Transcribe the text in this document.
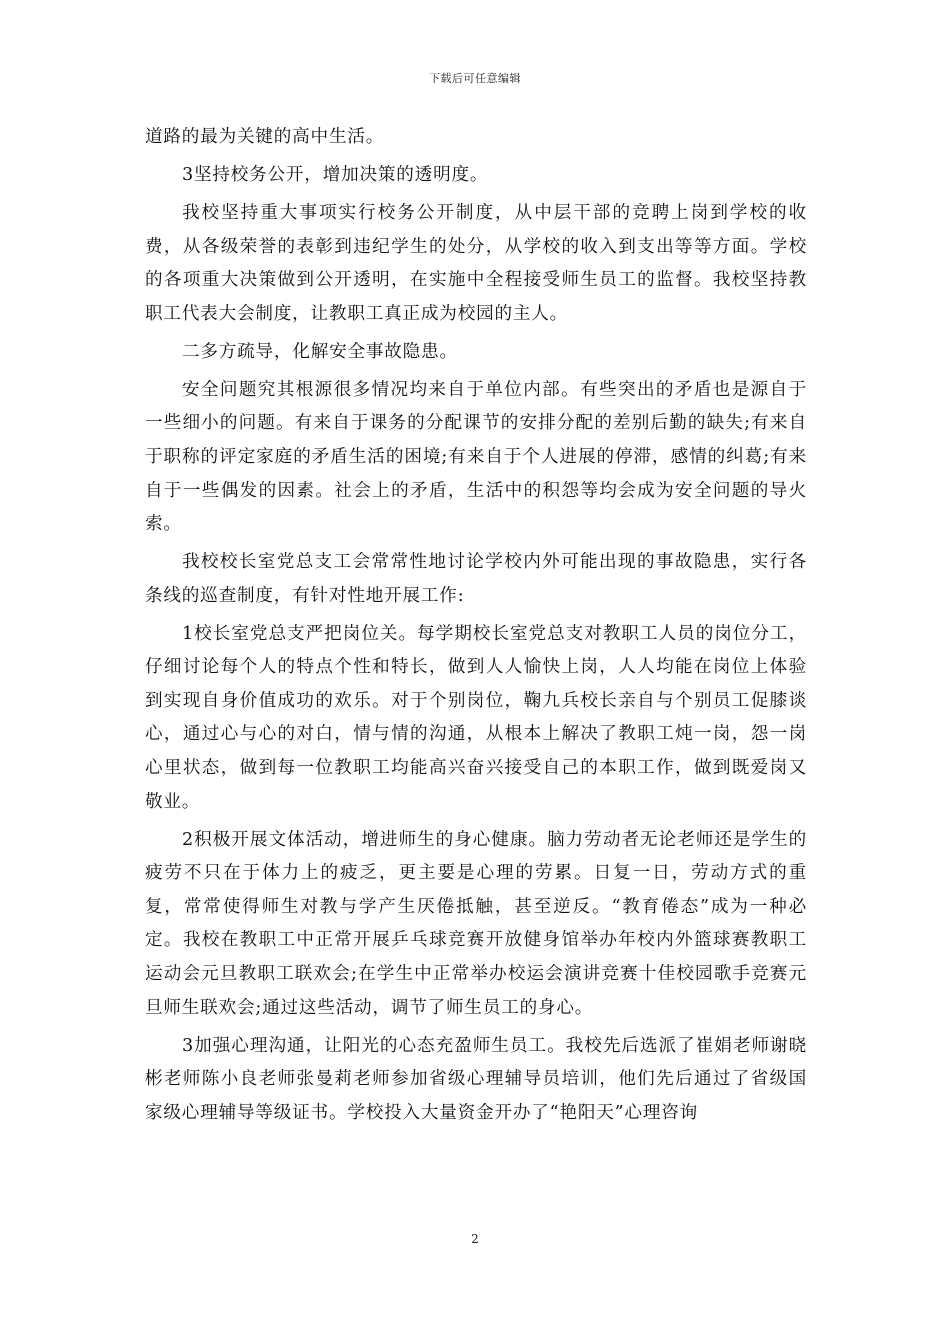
下载后可任意编辑

道路的最为关键的高中生活。

3坚持校务公开，增加决策的透明度。

我校坚持重大事项实行校务公开制度，从中层干部的竞聘上岗到学校的收费，从各级荣誉的表彰到违纪学生的处分，从学校的收入到支出等等方面。学校的各项重大决策做到公开透明，在实施中全程接受师生员工的监督。我校坚持教职工代表大会制度，让教职工真正成为校园的主人。

二多方疏导，化解安全事故隐患。

安全问题究其根源很多情况均来自于单位内部。有些突出的矛盾也是源自于一些细小的问题。有来自于课务的分配课节的安排分配的差别后勤的缺失;有来自于职称的评定家庭的矛盾生活的困境;有来自于个人进展的停滞，感情的纠葛;有来自于一些偶发的因素。社会上的矛盾，生活中的积怨等均会成为安全问题的导火索。

我校校长室党总支工会常常性地讨论学校内外可能出现的事故隐患，实行各条线的巡查制度，有针对性地开展工作:

1校长室党总支严把岗位关。每学期校长室党总支对教职工人员的岗位分工，仔细讨论每个人的特点个性和特长，做到人人愉快上岗，人人均能在岗位上体验到实现自身价值成功的欢乐。对于个别岗位，鞠九兵校长亲自与个别员工促膝谈心，通过心与心的对白，情与情的沟通，从根本上解决了教职工炖一岗，怨一岗心里状态，做到每一位教职工均能高兴奋兴接受自己的本职工作，做到既爱岗又敬业。

2积极开展文体活动，增进师生的身心健康。脑力劳动者无论老师还是学生的疲劳不只在于体力上的疲乏，更主要是心理的劳累。日复一日，劳动方式的重复，常常使得师生对教与学产生厌倦抵触，甚至逆反。“教育倦态”成为一种必定。我校在教职工中正常开展乒乓球竞赛开放健身馆举办年校内外篮球赛教职工运动会元旦教职工联欢会;在学生中正常举办校运会演讲竞赛十佳校园歌手竞赛元旦师生联欢会;通过这些活动，调节了师生员工的身心。

3加强心理沟通，让阳光的心态充盈师生员工。我校先后选派了崔娟老师谢晓彬老师陈小良老师张曼莉老师参加省级心理辅导员培训，他们先后通过了省级国家级心理辅导等级证书。学校投入大量资金开办了“艳阳天”心理咨询

2
